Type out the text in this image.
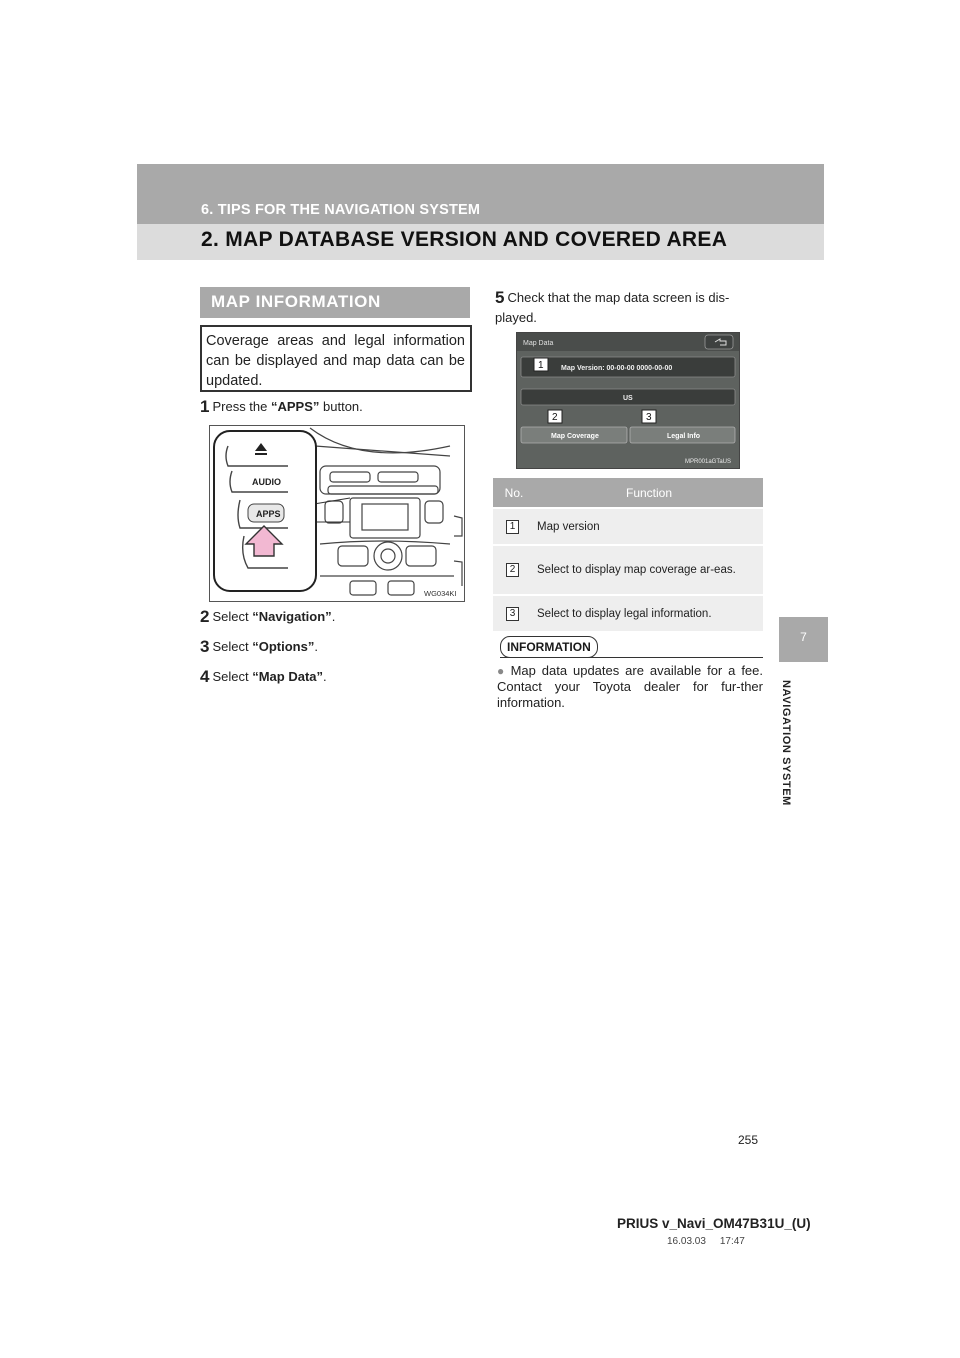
6. TIPS FOR THE NAVIGATION SYSTEM
2. MAP DATABASE VERSION AND COVERED AREA
7
NAVIGATION SYSTEM
MAP INFORMATION
Coverage areas and legal information can be displayed and map data can be updated.
1 Press the “APPS” button.
AUDIO
APPS
WG034KI
2 Select “Navigation”.
3 Select “Options”.
4 Select “Map Data”.
5 Check that the map data screen is dis-played.
Map Data
Map Version: 00-00-00 0000-00-00
US
Map Coverage	Legal Info
1
2	3
MPR001aGTaUS
No.	Function

1	Map version

2	Select to display map coverage ar-eas.

3	Select to display legal information.
INFORMATION
● Map data updates are available for a fee. Contact your Toyota dealer for fur-ther information.
255
PRIUS v_Navi_OM47B31U_(U)
16.03.03     17:47
